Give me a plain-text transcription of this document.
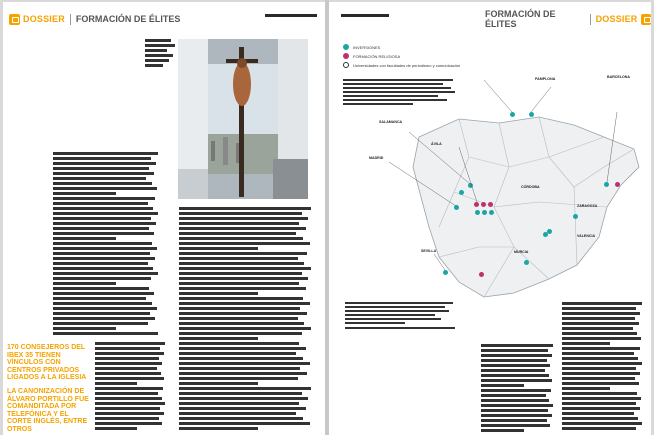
DOSSIER FORMACIÓN DE ÉLITES
170 CONSEJEROS DEL IBEX 35 TIENEN VÍNCULOS CON CENTROS PRIVADOS LIGADOS A LA IGLESIA
LA CANONIZACIÓN DE ÁLVARO PORTILLO FUE COMANDITADA POR TELEFÓNICA Y EL CORTE INGLÉS, ENTRE OTROS
FORMACIÓN DE ÉLITES	DOSSIER
INVERSIONES
FORMACIÓN RELIGIOSA
Universidades con facultades de periodismo y comunicación
SALAMANCA
ÁVILA
MADRID
CÓRDOBA
SEVILLA
VALENCIA
MURCIA
ZARAGOZA
PAMPLONA	BARCELONA
